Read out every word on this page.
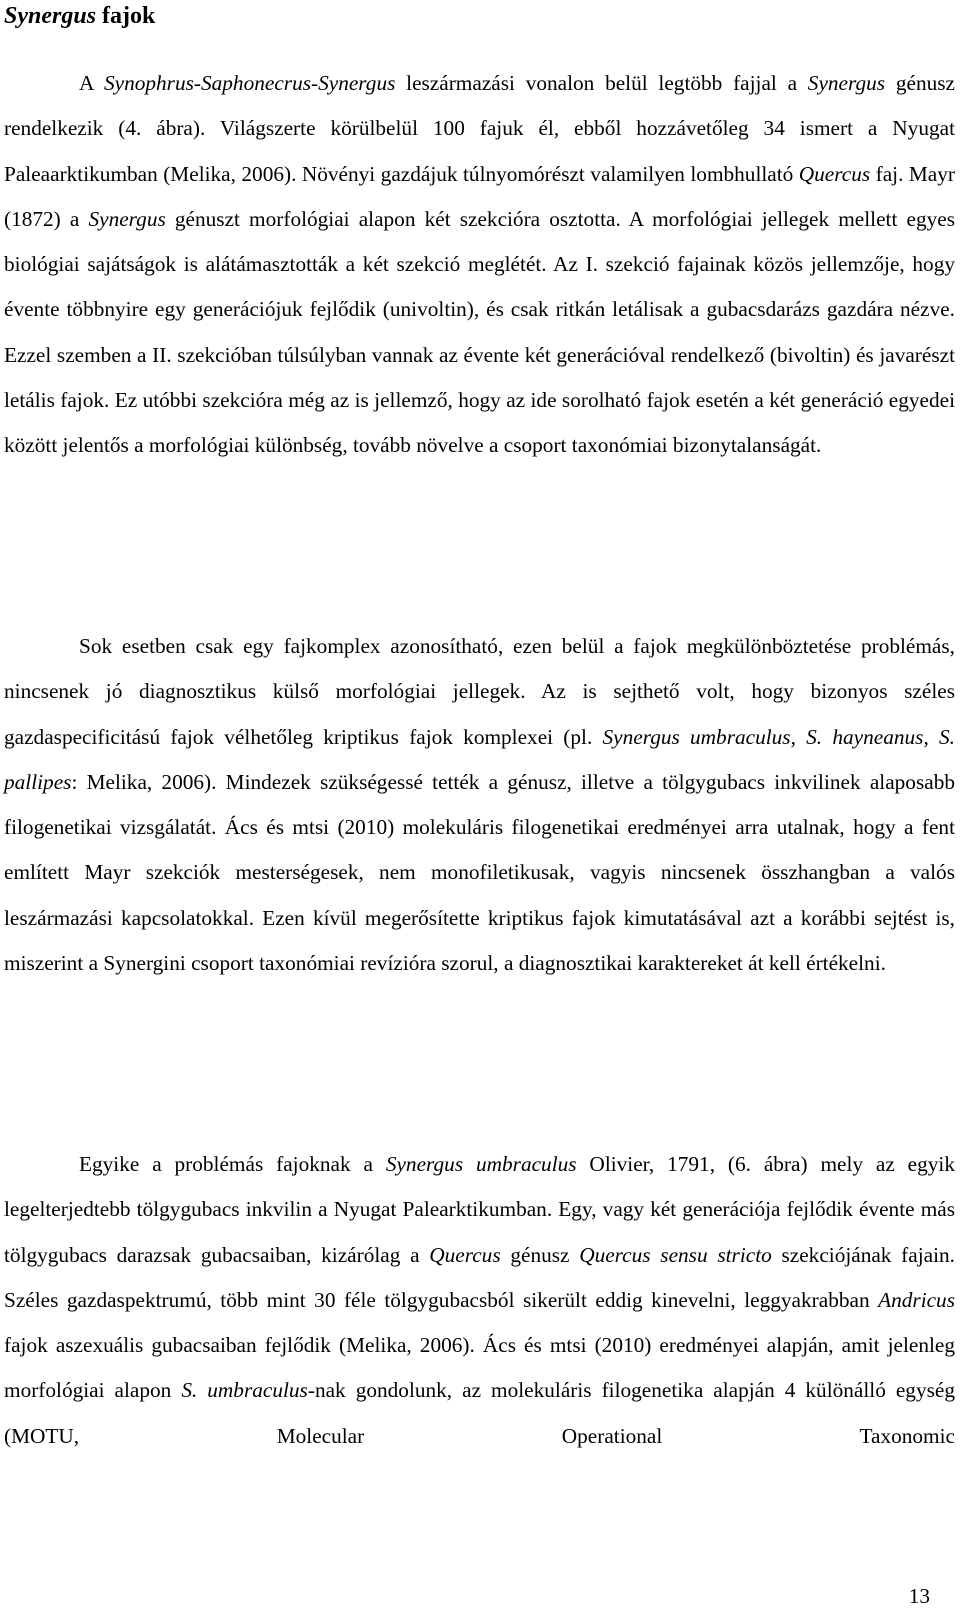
Synergus fajok

A Synophrus-Saphonecrus-Synergus leszármazási vonalon belül legtöbb fajjal a Synergus génusz rendelkezik (4. ábra). Világszerte körülbelül 100 fajuk él, ebből hozzávetőleg 34 ismert a Nyugat Paleaarktikumban (Melika, 2006). Növényi gazdájuk túlnyomórészt valamilyen lombhullató Quercus faj. Mayr (1872) a Synergus génuszt morfológiai alapon két szekcióra osztotta. A morfológiai jellegek mellett egyes biológiai sajátságok is alátámasztották a két szekció meglétét. Az I. szekció fajainak közös jellemzője, hogy évente többnyire egy generációjuk fejlődik (univoltin), és csak ritkán letálisak a gubacsdarázs gazdára nézve. Ezzel szemben a II. szekcióban túlsúlyban vannak az évente két generációval rendelkező (bivoltin) és javarészt letális fajok. Ez utóbbi szekcióra még az is jellemző, hogy az ide sorolható fajok esetén a két generáció egyedei között jelentős a morfológiai különbség, tovább növelve a csoport taxonómiai bizonytalanságát.

Sok esetben csak egy fajkomplex azonosítható, ezen belül a fajok megkülönböztetése problémás, nincsenek jó diagnosztikus külső morfológiai jellegek. Az is sejthető volt, hogy bizonyos széles gazdaspecificitású fajok vélhetőleg kriptikus fajok komplexei (pl. Synergus umbraculus, S. hayneanus, S. pallipes: Melika, 2006). Mindezek szükségessé tették a génusz, illetve a tölgygubacs inkvilinek alaposabb filogenetikai vizsgálatát. Ács és mtsi (2010) molekuláris filogenetikai eredményei arra utalnak, hogy a fent említett Mayr szekciók mesterségesek, nem monofiletikusak, vagyis nincsenek összhangban a valós leszármazási kapcsolatokkal. Ezen kívül megerősítette kriptikus fajok kimutatásával azt a korábbi sejtést is, miszerint a Synergini csoport taxonómiai revízióra szorul, a diagnosztikai karaktereket át kell értékelni.

Egyike a problémás fajoknak a Synergus umbraculus Olivier, 1791, (6. ábra) mely az egyik legelterjedtebb tölgygubacs inkvilin a Nyugat Palearktikumban. Egy, vagy két generációja fejlődik évente más tölgygubacs darazsak gubacsaiban, kizárólag a Quercus génusz Quercus sensu stricto szekciójának fajain. Széles gazdaspektrumú, több mint 30 féle tölgygubacsból sikerült eddig kinevelni, leggyakrabban Andricus fajok aszexuális gubacsaiban fejlődik (Melika, 2006). Ács és mtsi (2010) eredményei alapján, amit jelenleg morfológiai alapon S. umbraculus-nak gondolunk, az molekuláris filogenetika alapján 4 különálló egység (MOTU, Molecular Operational Taxonomic

13
